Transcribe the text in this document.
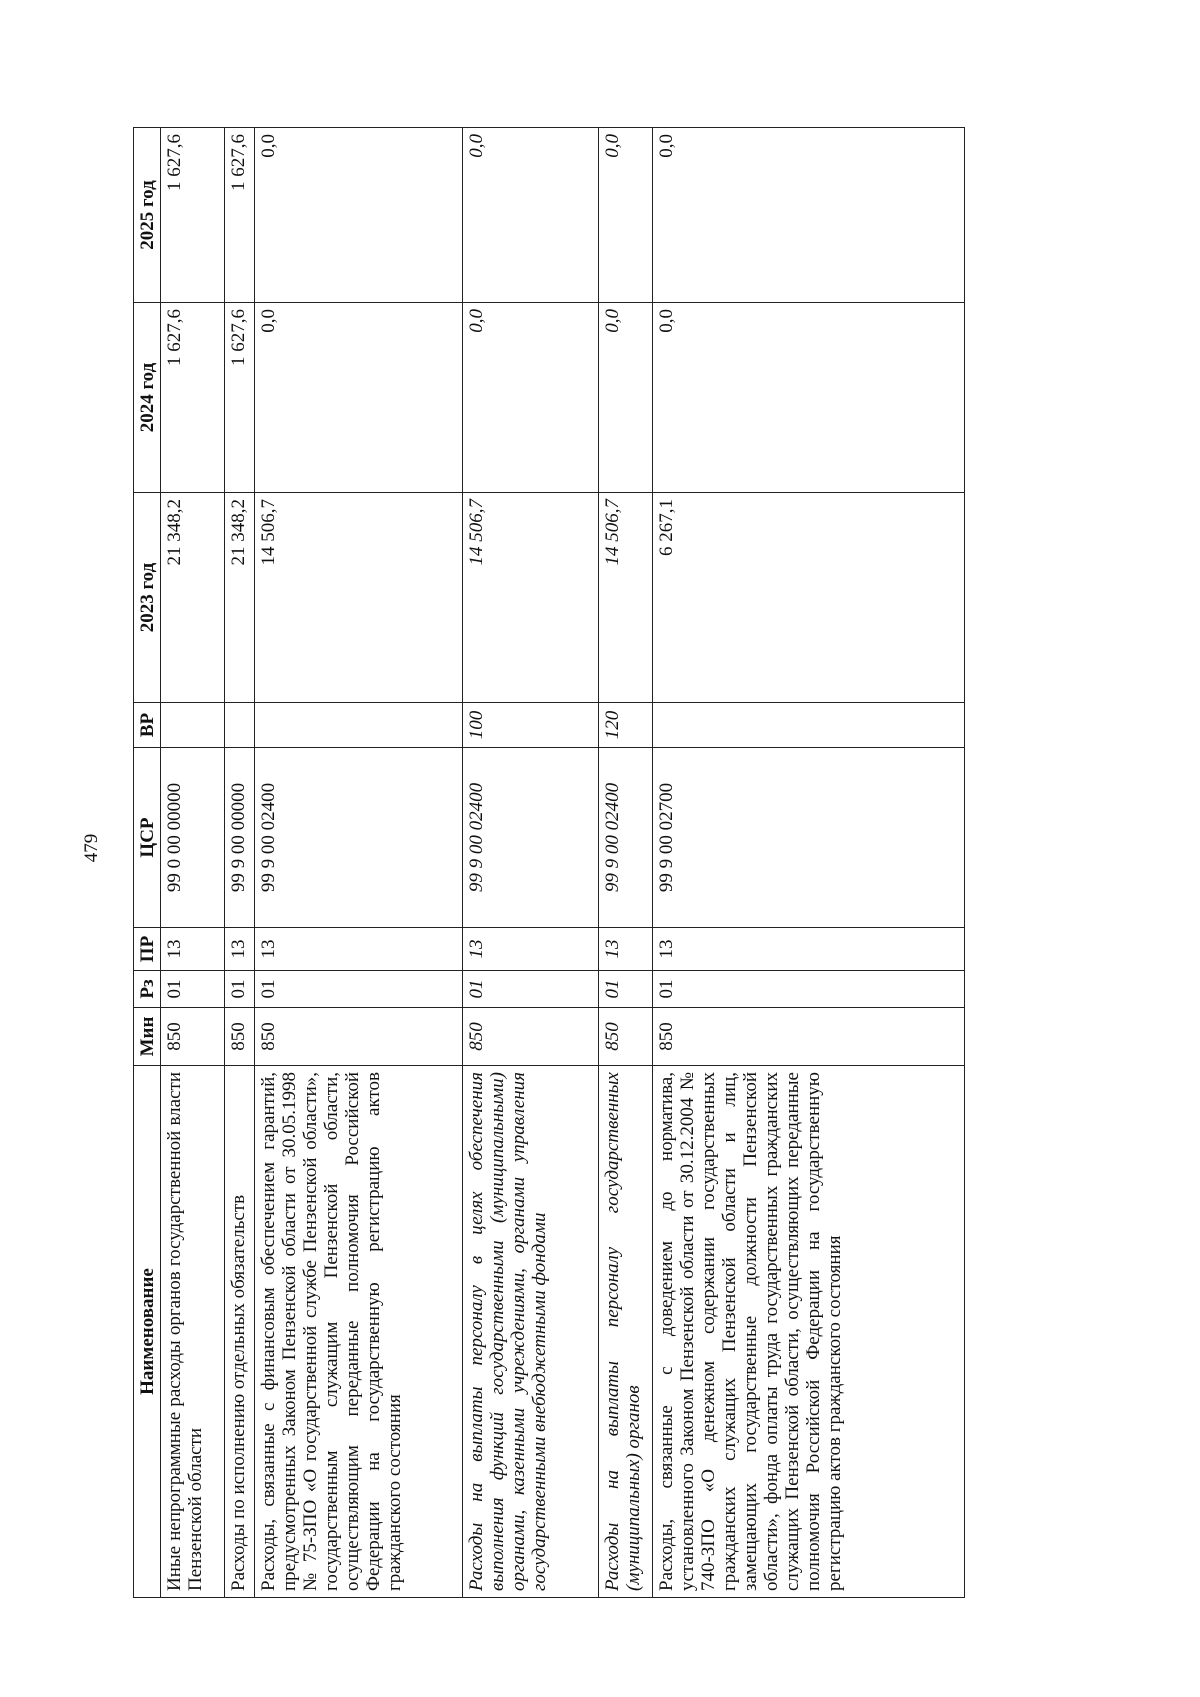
479
Наименование	Мин	Рз	ПР	ЦСР	ВР	2023 год	2024 год	2025 год
Иные непрограммные расходы органов государственной власти Пензенской области	850	01	13	99 0 00 00000		21 348,2	1 627,6	1 627,6
Расходы по исполнению отдельных обязательств	850	01	13	99 9 00 00000		21 348,2	1 627,6	1 627,6
Расходы, связанные с финансовым обеспечением гарантий, предусмотренных Законом Пензенской области от 30.05.1998 № 75-ЗПО «О государственной службе Пензенской области», государственным служащим Пензенской области, осуществляющим переданные полномочия Российской Федерации на государственную регистрацию актов гражданского состояния	850	01	13	99 9 00 02400		14 506,7	0,0	0,0
Расходы на выплаты персоналу в целях обеспечения выполнения функций государственными (муниципальными) органами, казенными учреждениями, органами управления государственными внебюджетными фондами	850	01	13	99 9 00 02400	100	14 506,7	0,0	0,0
Расходы на выплаты персоналу государственных (муниципальных) органов	850	01	13	99 9 00 02400	120	14 506,7	0,0	0,0
Расходы, связанные с доведением до норматива, установленного Законом Пензенской области от 30.12.2004 № 740-ЗПО «О денежном содержании государственных гражданских служащих Пензенской области и лиц, замещающих государственные должности Пензенской области», фонда оплаты труда государственных гражданских служащих Пензенской области, осуществляющих переданные полномочия Российской Федерации на государственную регистрацию актов гражданского состояния	850	01	13	99 9 00 02700		6 267,1	0,0	0,0
